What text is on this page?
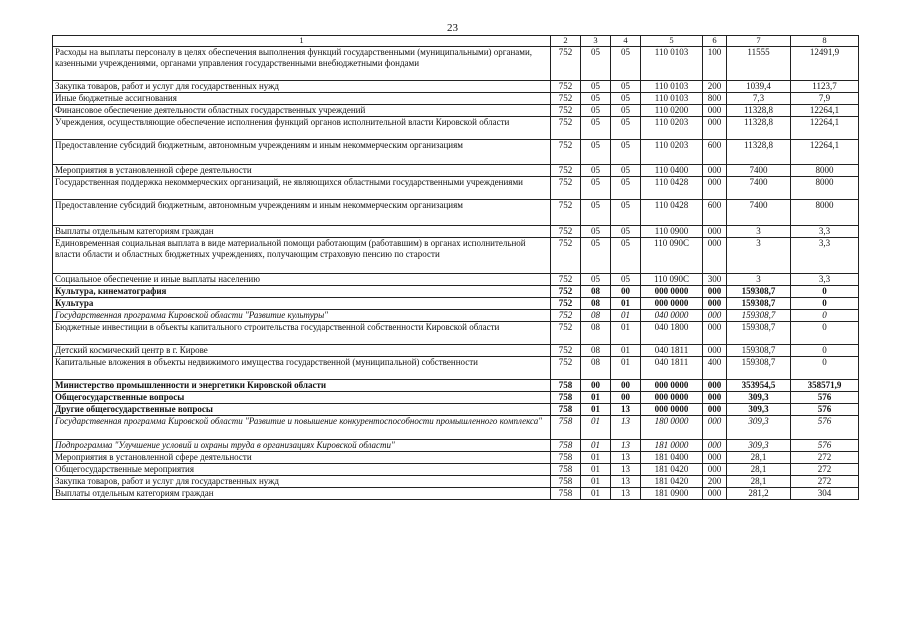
23
1	2	3	4	5	6	7	8
Расходы на выплаты персоналу в целях обеспечения выполнения функций государственными (муниципальными) органами, казенными учреждениями, органами управления государственными внебюджетными фондами	752	05	05	110 0103	100	11555	12491,9
Закупка товаров, работ и услуг для государственных нужд	752	05	05	110 0103	200	1039,4	1123,7
Иные бюджетные ассигнования	752	05	05	110 0103	800	7,3	7,9
Финансовое обеспечение деятельности областных государственных учреждений	752	05	05	110 0200	000	11328,8	12264,1
Учреждения, осуществляющие обеспечение исполнения функций органов исполнительной власти Кировской области	752	05	05	110 0203	000	11328,8	12264,1
Предоставление субсидий бюджетным, автономным учреждениям и иным некоммерческим организациям	752	05	05	110 0203	600	11328,8	12264,1
Мероприятия в установленной сфере деятельности	752	05	05	110 0400	000	7400	8000
Государственная поддержка некоммерческих организаций, не являющихся областными государственными учреждениями	752	05	05	110 0428	000	7400	8000
Предоставление субсидий бюджетным, автономным учреждениям и иным некоммерческим организациям	752	05	05	110 0428	600	7400	8000
Выплаты отдельным категориям граждан	752	05	05	110 0900	000	3	3,3
Единовременная социальная выплата в виде материальной помощи работающим (работавшим) в органах исполнительной власти области и областных бюджетных учреждениях, получающим страховую пенсию по старости	752	05	05	110 090С	000	3	3,3
Социальное обеспечение и иные выплаты населению	752	05	05	110 090С	300	3	3,3
Культура, кинематография	752	08	00	000 0000	000	159308,7	0
Культура	752	08	01	000 0000	000	159308,7	0
Государственная программа Кировской области "Развитие культуры"	752	08	01	040 0000	000	159308,7	0
Бюджетные инвестиции в объекты капитального строительства государственной собственности Кировской области	752	08	01	040 1800	000	159308,7	0
Детский космический центр в г. Кирове	752	08	01	040 1811	000	159308,7	0
Капитальные вложения в объекты недвижимого имущества государственной (муниципальной) собственности	752	08	01	040 1811	400	159308,7	0
Министерство промышленности и энергетики Кировской области	758	00	00	000 0000	000	353954,5	358571,9
Общегосударственные вопросы	758	01	00	000 0000	000	309,3	576
Другие общегосударственные вопросы	758	01	13	000 0000	000	309,3	576
Государственная программа Кировской области "Развитие и повышение конкурентоспособности промышленного комплекса"	758	01	13	180 0000	000	309,3	576
Подпрограмма "Улучшение условий и охраны труда в организациях Кировской области"	758	01	13	181 0000	000	309,3	576
Мероприятия в установленной сфере деятельности	758	01	13	181 0400	000	28,1	272
Общегосударственные мероприятия	758	01	13	181 0420	000	28,1	272
Закупка товаров, работ и услуг для государственных нужд	758	01	13	181 0420	200	28,1	272
Выплаты отдельным категориям граждан	758	01	13	181 0900	000	281,2	304
